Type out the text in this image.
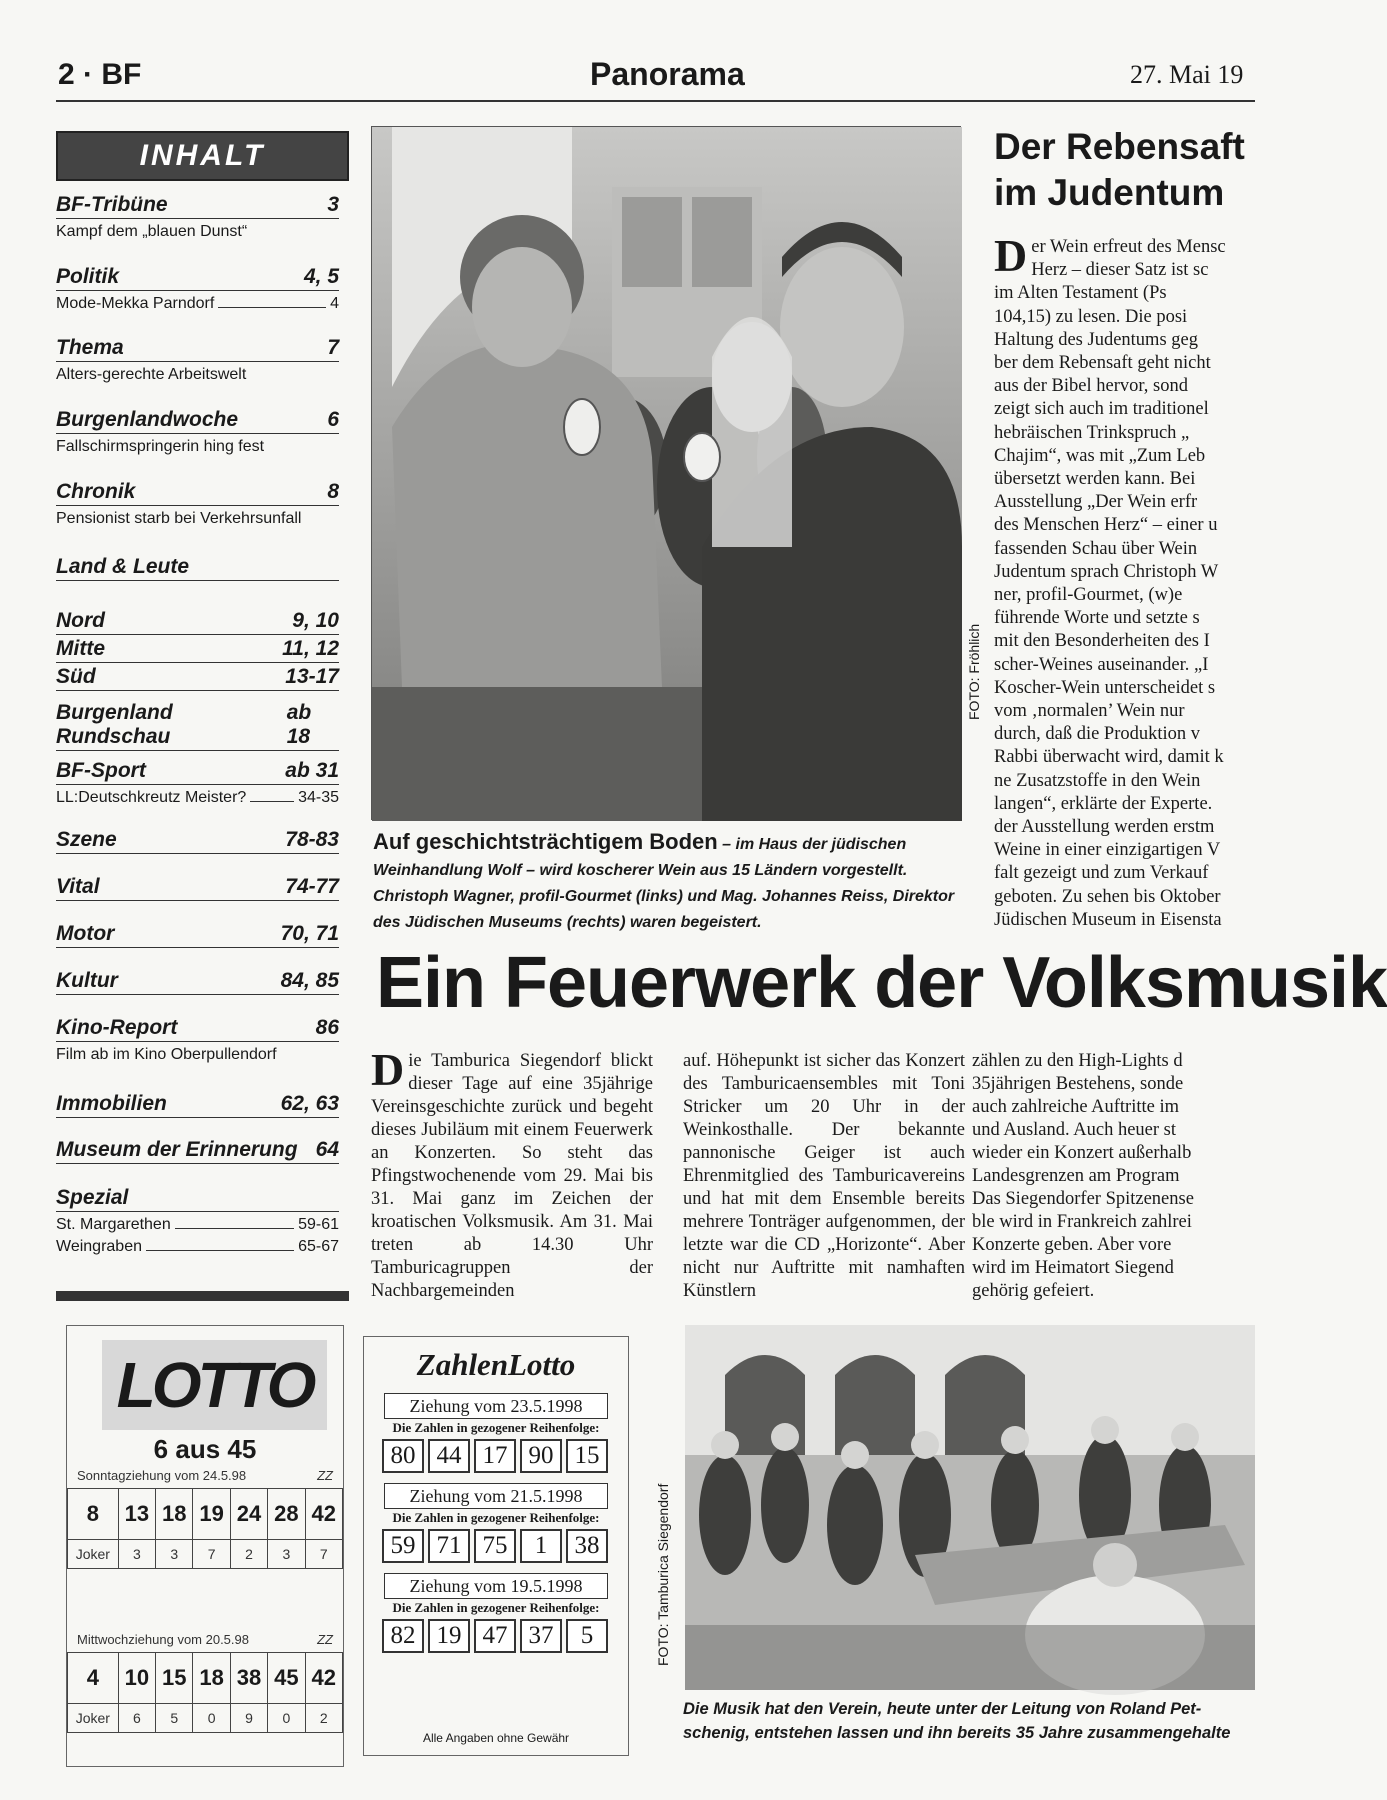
2 · BF	Panorama	27. Mai 19
INHALT
BF-Tribüne	3
Kampf dem „blauen Dunst“
Politik	4, 5
Mode-Mekka Parndorf	4
Thema	7
Alters-gerechte Arbeitswelt
Burgenlandwoche	6
Fallschirmspringerin hing fest
Chronik	8
Pensionist starb bei Verkehrsunfall
Land & Leute
Nord	9, 10
Mitte	11, 12
Süd	13-17
Burgenland Rundschau
ab 18
BF-Sport	ab 31
LL:Deutschkreutz Meister?	34-35
Szene	78-83
Vital	74-77
Motor	70, 71
Kultur	84, 85
Kino-Report	86
Film ab im Kino Oberpullendorf
Immobilien	62, 63
Museum der Erinnerung 64
Spezial
St. Margarethen	59-61
Weingraben	65-67
FOTO: Fröhlich
Auf geschichtsträchtigem Boden – im Haus der jüdischen Weinhandlung Wolf – wird koscherer Wein aus 15 Ländern vorgestellt. Christoph Wagner, profil-Gourmet (links) und Mag. Johannes Reiss, Direktor des Jüdischen Museums (rechts) waren begeistert.
Der Rebensaft
im Judentum
D er Wein erfreut des Mensc
Herz – dieser Satz ist sc
im Alten Testament (Ps
104,15) zu lesen. Die posi
Haltung des Judentums geg
ber dem Rebensaft geht nicht
aus der Bibel hervor, sond
zeigt sich auch im traditionel
hebräischen Trinkspruch „
Chajim“, was mit „Zum Leb
übersetzt werden kann. Bei
Ausstellung „Der Wein erfr
des Menschen Herz“ – einer u
fassenden Schau über Wein
Judentum sprach Christoph W
ner, profil-Gourmet, (w)e
führende Worte und setzte s
mit den Besonderheiten des I
scher-Weines auseinander. „I
Koscher-Wein unterscheidet s
vom ‚normalen’ Wein nur
durch, daß die Produktion v
Rabbi überwacht wird, damit k
ne Zusatzstoffe in den Wein
langen“, erklärte der Experte.
der Ausstellung werden erstm
Weine in einer einzigartigen V
falt gezeigt und zum Verkauf
geboten. Zu sehen bis Oktober
Jüdischen Museum in Eisensta
Ein Feuerwerk der Volksmusik
Die Tamburica Siegendorf blickt dieser Tage auf eine 35jährige Vereinsgeschichte zurück und begeht dieses Jubiläum mit einem Feuerwerk an Konzerten. So steht das Pfingstwochenende vom 29. Mai bis 31. Mai ganz im Zeichen der kroatischen Volksmusik. Am 31. Mai treten ab 14.30 Uhr Tamburicagruppen der Nachbargemeinden
auf. Höhepunkt ist sicher das Konzert des Tamburicaensembles mit Toni Stricker um 20 Uhr in der Weinkosthalle. Der bekannte pannonische Geiger ist auch Ehrenmitglied des Tamburicavereins und hat mit dem Ensemble bereits mehrere Tonträger aufgenommen, der letzte war die CD „Horizonte“. Aber nicht nur Auftritte mit namhaften Künstlern
zählen zu den High-Lights d
35jährigen Bestehens, sonde
auch zahlreiche Auftritte im
und Ausland. Auch heuer st
wieder ein Konzert außerhalb
Landesgrenzen am Program
Das Siegendorfer Spitzenense
ble wird in Frankreich zahlrei
Konzerte geben. Aber vore
wird im Heimatort Siegend
gehörig gefeiert.
LOTTO
6 aus 45
Sonntagziehung vom 24.5.98	ZZ
8	13	18	19	24	28	42
Joker	3	3	7	2	3	7
Mittwochziehung vom 20.5.98	ZZ
4	10	15	18	38	45	42
Joker	6	5	0	9	0	2
ZahlenLotto
Ziehung vom 23.5.1998
Die Zahlen in gezogener Reihenfolge:
80 44 17 90 15
Ziehung vom 21.5.1998
Die Zahlen in gezogener Reihenfolge:
59 71 75	1	38
Ziehung vom 19.5.1998
Die Zahlen in gezogener Reihenfolge:
82 19 47 37	5
Alle Angaben ohne Gewähr
FOTO: Tamburica Siegendorf
Die Musik hat den Verein, heute unter der Leitung von Roland Pet-
schenig, entstehen lassen und ihn bereits 35 Jahre zusammengehalte
